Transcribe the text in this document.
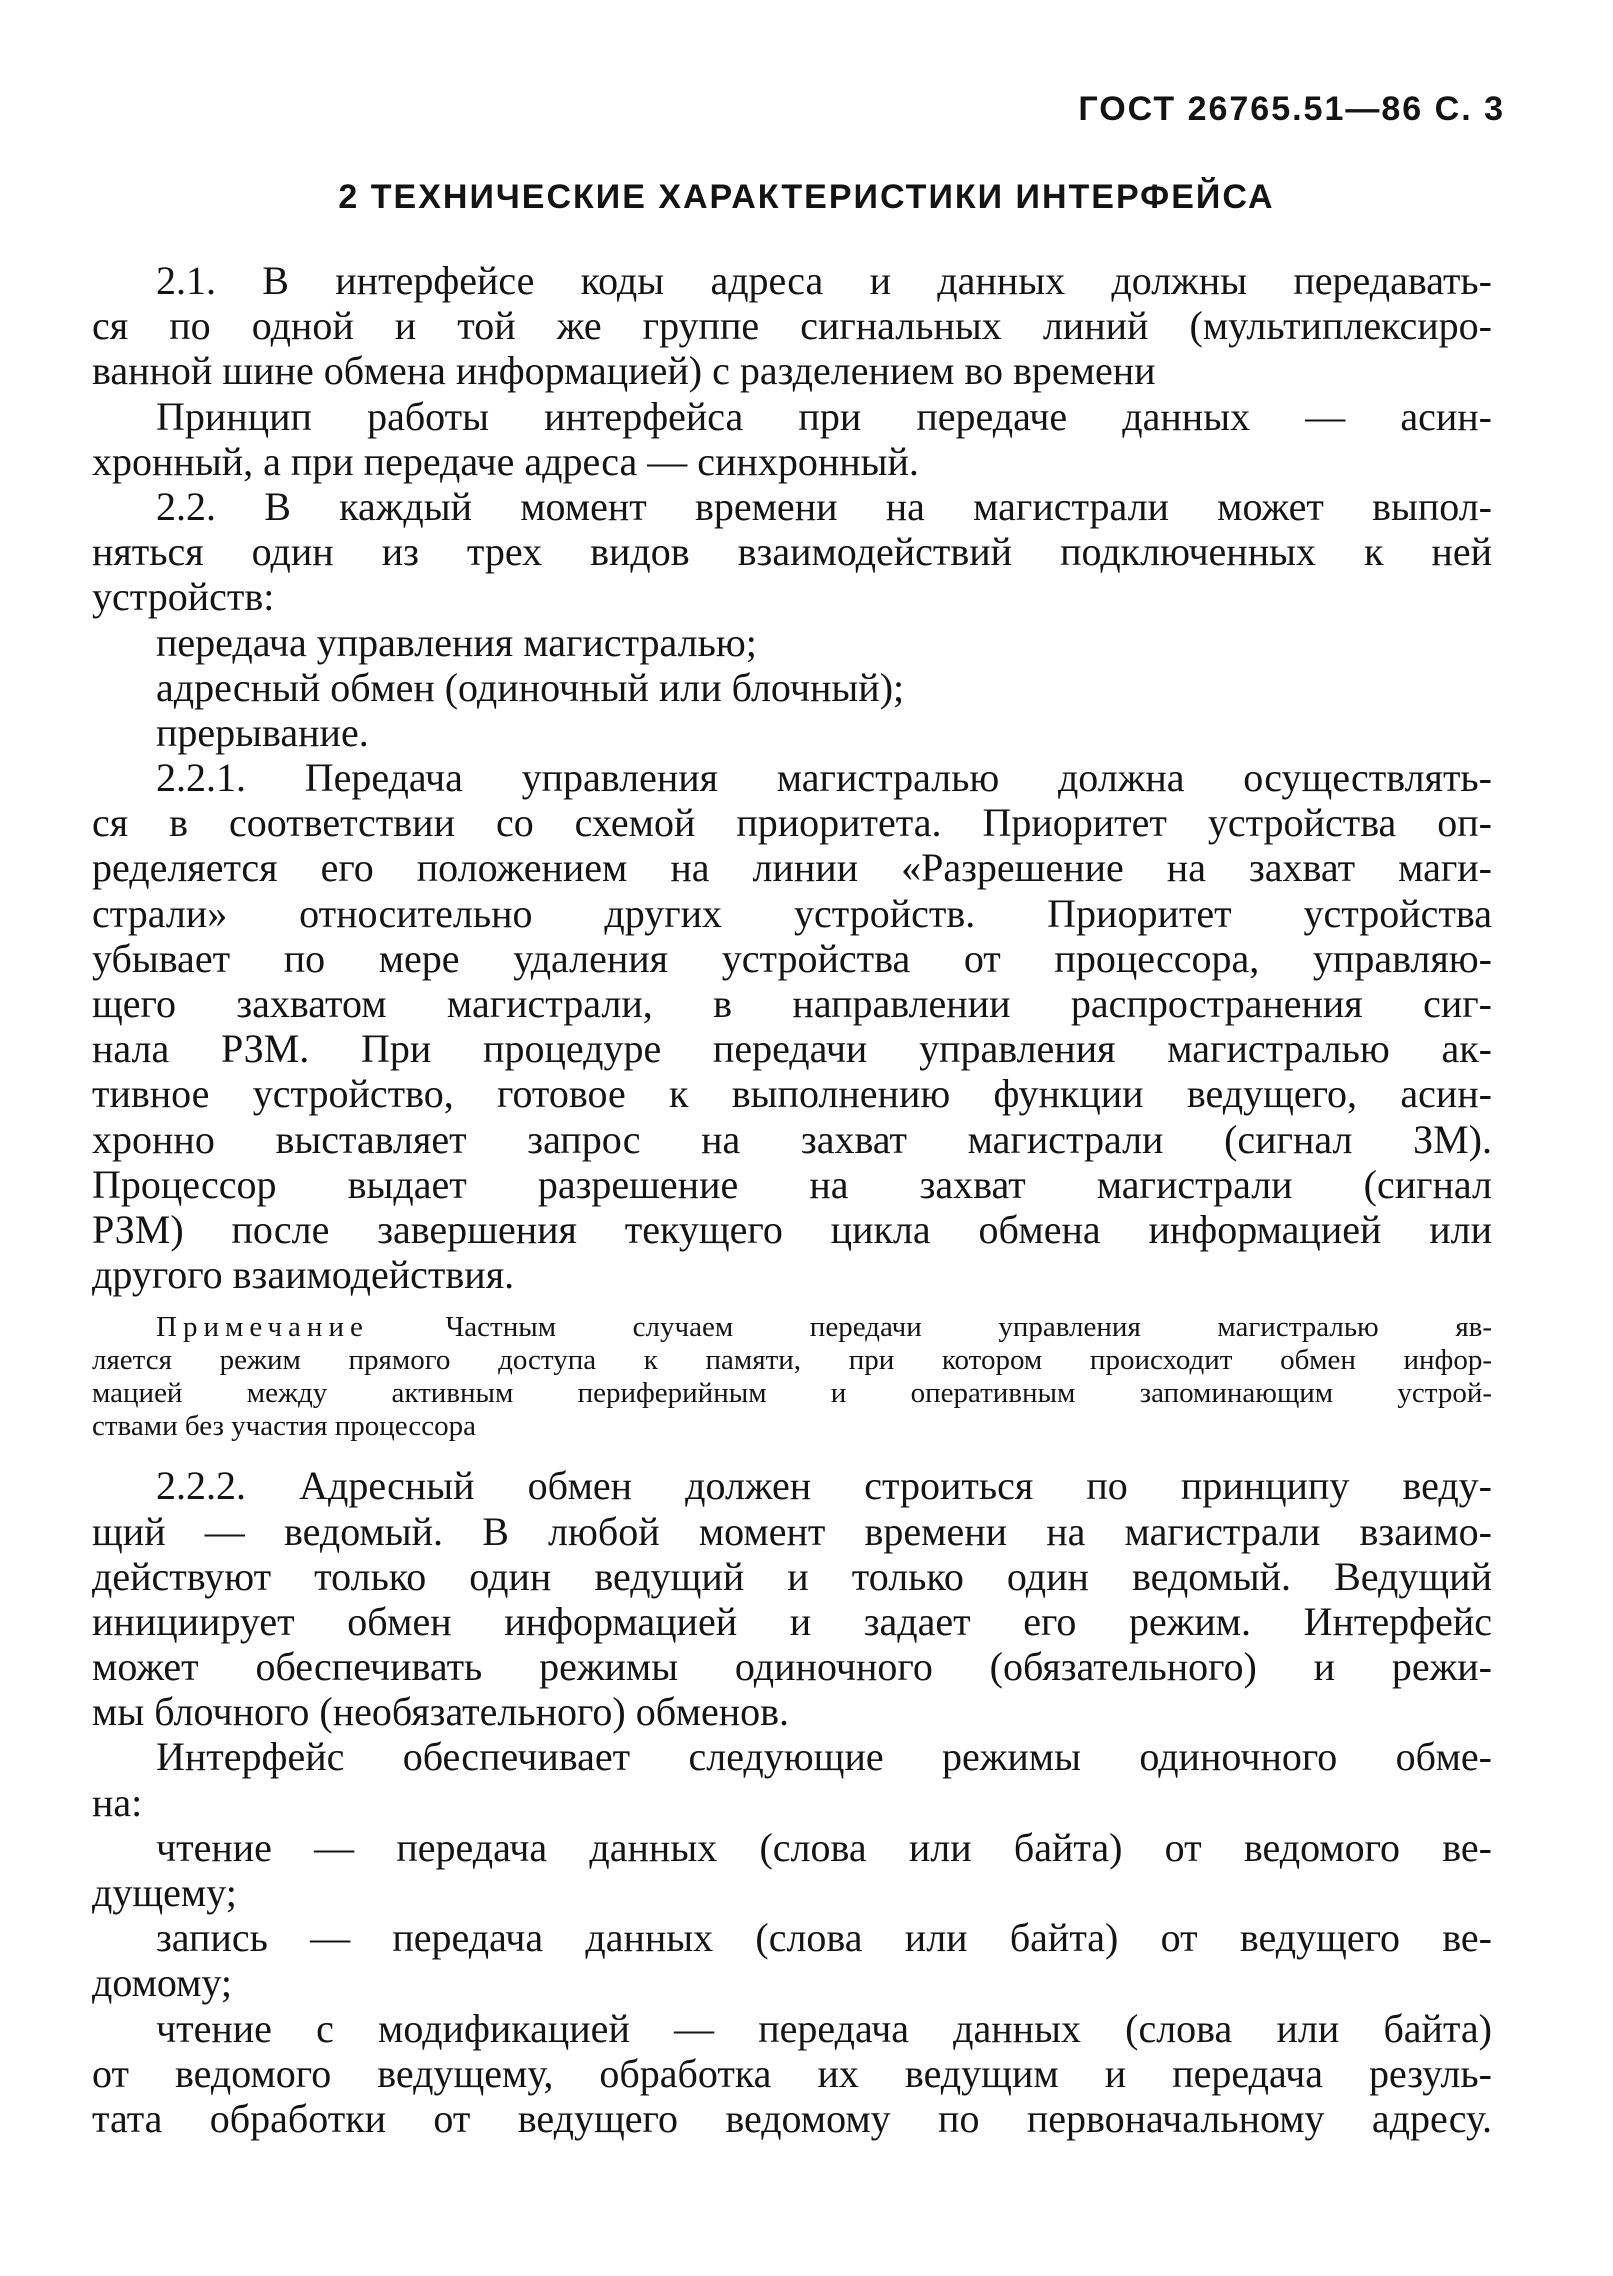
ГОСТ 26765.51—86 С. 3
2 ТЕХНИЧЕСКИЕ ХАРАКТЕРИСТИКИ ИНТЕРФЕЙСА
2.1. В интерфейсе коды адреса и данных должны передавать-
ся по одной и той же группе сигнальных линий (мультиплексиро-
ванной шине обмена информацией) с разделением во времени
Принцип работы интерфейса при передаче данных — асин-
хронный, а при передаче адреса — синхронный.
2.2. В каждый момент времени на магистрали может выпол-
няться один из трех видов взаимодействий подключенных к ней
устройств:
передача управления магистралью;
адресный обмен (одиночный или блочный);
прерывание.
2.2.1. Передача управления магистралью должна осуществлять-
ся в соответствии со схемой приоритета. Приоритет устройства оп-
ределяется его положением на линии «Разрешение на захват маги-
страли» относительно других устройств. Приоритет устройства
убывает по мере удаления устройства от процессора, управляю-
щего захватом магистрали, в направлении распространения сиг-
нала РЗМ. При процедуре передачи управления магистралью ак-
тивное устройство, готовое к выполнению функции ведущего, асин-
хронно выставляет запрос на захват магистрали (сигнал ЗМ).
Процессор выдает разрешение на захват магистрали (сигнал
РЗМ) после завершения текущего цикла обмена информацией или
другого взаимодействия.
Примечание	Частным случаем передачи управления магистралью яв-
ляется режим прямого доступа к памяти, при котором происходит обмен инфор-
мацией между активным периферийным и оперативным запоминающим устрой-
ствами без участия процессора
2.2.2. Адресный обмен должен строиться по принципу веду-
щий — ведомый. В любой момент времени на магистрали взаимо-
действуют только один ведущий и только один ведомый. Ведущий
инициирует обмен информацией и задает его режим. Интерфейс
может обеспечивать режимы одиночного (обязательного) и режи-
мы блочного (необязательного) обменов.
Интерфейс обеспечивает следующие режимы одиночного обме-
на:
чтение — передача данных (слова или байта) от ведомого ве-
дущему;
запись — передача данных (слова или байта) от ведущего ве-
домому;
чтение с модификацией — передача данных (слова или байта)
от ведомого ведущему, обработка их ведущим и передача резуль-
тата обработки от ведущего ведомому по первоначальному адресу.
